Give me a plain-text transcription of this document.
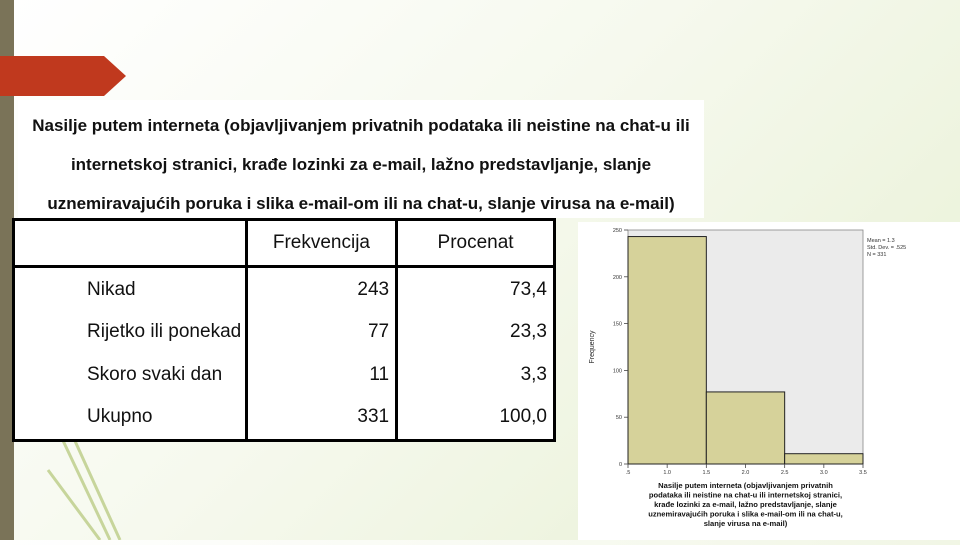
Nasilje putem interneta (objavljivanjem privatnih podataka ili neistine na chat-u ili
internetskoj stranici, krađe lozinki za e-mail, lažno predstavljanje, slanje
uznemiravajućih poruka i slika e-mail-om ili na chat-u, slanje virusa na e-mail)
	Frekvencija	Procenat
Nikad	243	73,4
Rijetko ili ponekad	77	23,3
Skoro svaki dan	11	3,3
Ukupno	331	100,0
0
50
100
150
200
250
.5	1.0	1.5	2.0	2.5	3.0	3.5
Frequency
Mean = 1.3
Std. Dev. = .525
N = 331
Nasilje putem interneta (objavljivanjem privatnih
podataka ili neistine na chat-u ili internetskoj stranici,
krađe lozinki za e-mail, lažno predstavljanje, slanje
uznemiravajućih poruka i slika e-mail-om ili na chat-u,
slanje virusa na e-mail)
